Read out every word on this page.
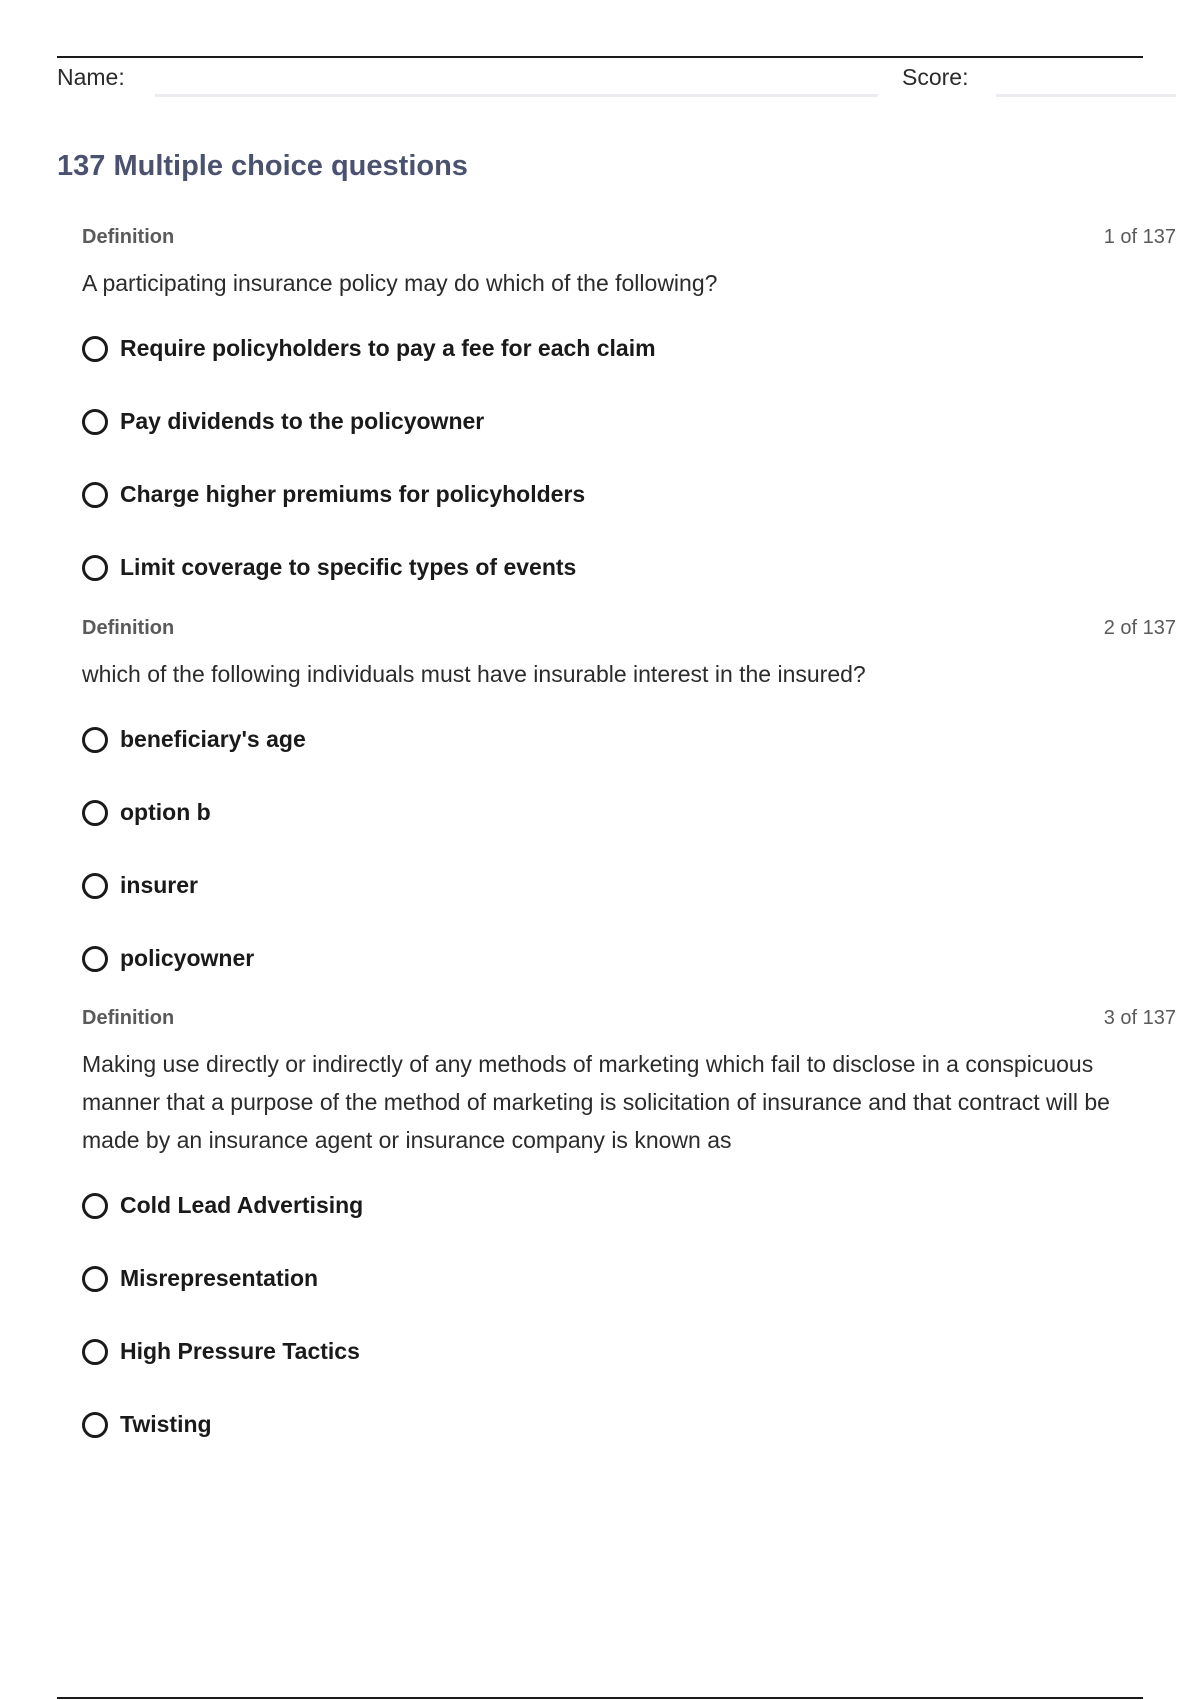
Name:	Score:
137 Multiple choice questions
Definition	1 of 137

A participating insurance policy may do which of the following?

Require policyholders to pay a fee for each claim
Pay dividends to the policyowner
Charge higher premiums for policyholders
Limit coverage to specific types of events
Definition	2 of 137

which of the following individuals must have insurable interest in the insured?

beneficiary's age
option b
insurer
policyowner
Definition	3 of 137

Making use directly or indirectly of any methods of marketing which fail to disclose in a conspicuous manner that a purpose of the method of marketing is solicitation of insurance and that contract will be made by an insurance agent or insurance company is known as

Cold Lead Advertising
Misrepresentation
High Pressure Tactics
Twisting
